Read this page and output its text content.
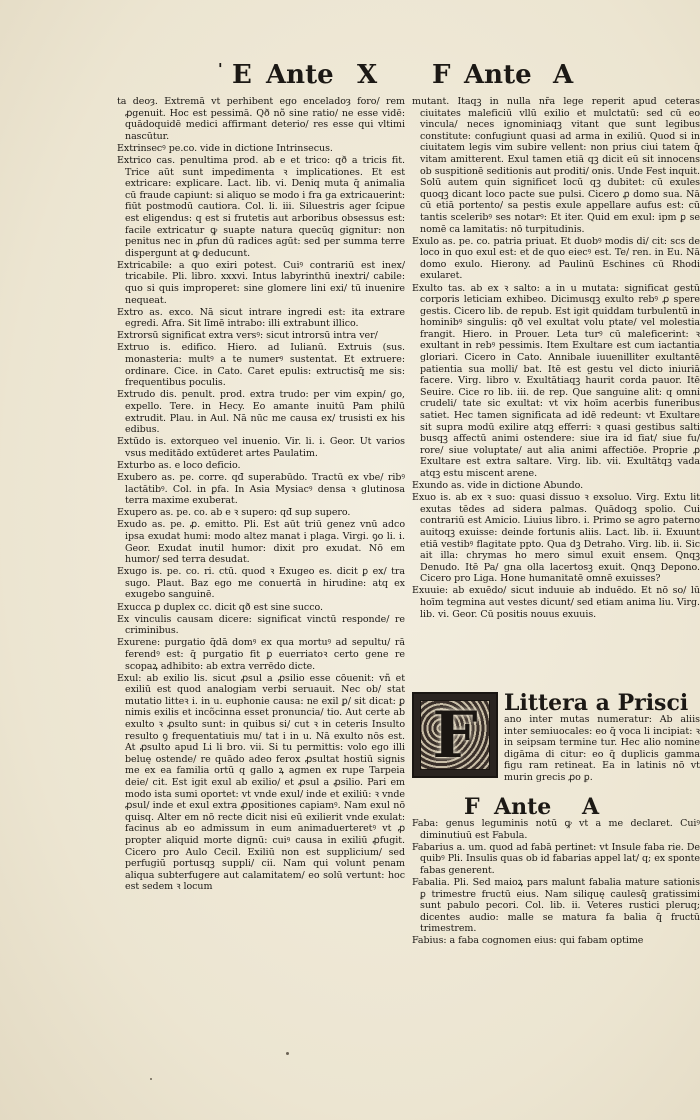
' E Ante X F Ante A

ta deoȝ. Extremā vt perhibent ego enceladoȝ foro/ rem ꝓgenuit. Hoc est pessimā. Qð nõ sine ratio/ ne esse vidē: quādoquidē medici affirmant deterio/ res esse qui vltimi nascūtur.

Extrinsecꝰ pe.co. vide in dictione Intrinsecus.

Extrico cas. penultima prod. ab e et trico: qð a tricis fit. Trice aūt sunt impedimenta ꝛ implicationes. Et est extricare: explicare. Lact. lib. vi. Deniq muta q̄ animalia cū fraude capiunt: si aliquo se modo i fra ga extricauerint: fiūt postmodū cautiora. Col. li. iii. Siluestris ager ſcipue est eligendus: q est si frutetis aut arboribus obsessus est: facile extricatur ꝙ suapte natura quecūq gignitur: non penitus nec in ꝓfun dū radices agūt: sed per summa terre dispergunt at ꝙ deducunt.

Extricabile: a quo exiri potest. Cuiꝰ contrariū est inex/ tricabile. Pli. libro. xxxvi. Intus labyrinthū inextri/ cabile: quo si quis improperet: sine glomere lini exi/ tū inuenire nequeat.

Extro as. exco. Nā sicut intrare ingredi est: ita extrare egredi. Afra. Sit līmē intrabo: illi extrabunt illico.

Extrorsū significat extra versꝰ: sicut introrsū intra ver/

Extruo is. edifico. Hiero. ad Iulianū. Extruis (sus. monasteria: multꝰ a te numerꝰ sustentat. Et extruere: ordinare. Cice. in Cato. Caret epulis: extructisq̄ me sis: frequentibus poculis.

Extrudo dis. penult. prod. extra trudo: per vim expin/ go, expello. Tere. in Hecy. Eo amante inuitū Pam philū extrudit. Plau. in Aul. Nā nūc me causa ex/ trusisti ex his edibus.

Extūdo is. extorqueo vel inuenio. Vir. li. i. Geor. Ut varios vsus meditādo extūderet artes Paulatim.

Exturbo as. e loco deficio.

Exubero as. pe. corre. qđ superabūdo. Tractū ex vbe/ ribꝰ lactātibꝰ. Col. in ꝑfa. In Asia Mysiacꝰ densa ꝛ glutinosa terra maxime exuberat.

Exupero as. pe. co. ab e ꝛ supero: qđ sup supero.

Exudo as. pe. ꝓ. emitto. Pli. Est aūt triū genez vnū adco ipsa exudat humi: modo altez manat i plaga. Virgi. ꝯo li. i. Geor. Exudat inutil humor: dixit pro exudat. Nō em humor/ sed terra desudat.

Exugo is. pe. co. ri. ctū. quod ꝛ Exugeo es. dicit ꝑ ex/ tra sugo. Plaut. Baz ego me conuertā in hirudine: atq ex exugebo sanguinē.

Exucca ꝑ duplex cc. dicit qð est sine succo.

Ex vinculis causam dicere: significat vinctū responde/ re criminibus.

Exurene: purgatio q̄dā domꝰ ex qua mortuꝰ ad sepultu/ rā ferendꝰ est: q̄ purgatio fit ꝑ euerriatoꝛ certo gene re scopaꝝ adhibito: ab extra verrēdo dicte.

Exul: ab exilio lis. sicut ꝓsul a ꝓsilio esse cōuenit: vñ et exiliū est quod analogiam verbi seruauit. Nec ob/ stat mutatio litteꝛ i. in u. euphonie causa: ne exil ꝑ/ sit dicat: ꝑ nimis exilis et incõcinna esset pronuncia/ tio. Aut certe ab exulto ꝛ ꝓsulto sunt: in quibus si/ cut ꝛ in ceteris Insulto resulto ꝯ frequentatiuis mu/ tat i in u. Nā exulto nōs est. At ꝓsulto apud Li li bro. vii. Si tu permittis: volo ego illi beluę ostende/ re quādo adeo ferox ꝓsultat hostiū signis me ex ea familia ortū q gallo ꝝ agmen ex rupe Tarpeia deie/ cit. Est igit exul ab exilio/ et ꝓsul a ꝓsilio. Pari em modo ista sumi oportet: vt vnde exul/ inde et exiliū: ꝛ vnde ꝓsul/ inde et exul extra ꝓpositiones capiamꝰ. Nam exul nō quisq. Alter em nō recte dicit nisi eū exilierit vnde exulat: facinus ab eo admissum in eum animaduerteretꝰ vt ꝓ propter aliquid morte dignū: cuiꝰ causa in exiliū ꝓfugit. Cicero pro Aulo Cecil. Exiliū non est supplicium/ sed perfugiū portusqꝫ suppli/ cii. Nam qui volunt penam aliqua subterfugere aut calamitatem/ eo solū vertunt: hoc est sedem ꝛ locum

mutant. Itaqꝫ in nulla nr̄a lege reperit apud ceteras ciuitates maleficiū vllū exilio et mulctatū: sed cū eo vincula/ neces ignominiaqꝫ vitant que sunt legibus constitute: confugiunt quasi ad arma in exiliū. Quod si in ciuitatem legis vim subire vellent: non prius ciui tatem q̄ vitam amitterent. Exul tamen etiā qꝫ dicit eū sit innocens ob suspitionē seditionis aut proditi/ onis. Unde Fest inquit. Solū autem quin significet locū qꝫ dubitet: cū exules quoqꝫ dicant loco pacte sue pulsi. Cicero ꝓ domo sua. Nā cū etiā portento/ sa pestis exule appellare aufus est: cū tantis sceleribꝰ ses notarꝰ: Et iter. Quid em exul: ipm ꝑ se nomē ca lamitatis: nō turpitudinis.

Exulo as. pe. co. patria priuat. Et duobꝰ modis di/ cit: scs de loco in quo exul est: et de quo eiecꝰ est. Te/ ren. in Eu. Nā domo exulo. Hierony. ad Paulinū Eschines cū Rhodi exularet.

Exulto tas. ab ex ꝛ salto: a in u mutata: significat gestū corporis leticiam exhibeo. Dicimusqꝫ exulto rebꝰ ꝓ spere gestis. Cicero lib. de repub. Est igit quiddam turbulentū in hominibꝰ singulis: qð vel exultat volu ptate/ vel molestia frangit. Hiero. in Prouer. Leta turꝰ cū maleficerint: ꝛ exultant in rebꝰ pessimis. Item Exultare est cum iactantia gloriari. Cicero in Cato. Annibale iuuenilliter exultantē patientia sua molli/ bat. Itē est gestu vel dicto iniuriā facere. Virg. libro v. Exultātiaqꝫ haurit corda pauor. Itē Seuire. Cice ro lib. iii. de rep. Que sanguine alit: q omni crudeli/ tate sic exultat: vt vix hoīm acerbis funeribus satiet. Hec tamen significata ad idē redeunt: vt Exultare sit supra modū exilire atqꝫ efferri: ꝛ quasi gestibus salti busqꝫ affectū animi ostendere: siue ira id fiat/ siue fu/ rore/ siue voluptate/ aut alia animi affectiōe. Proprie ꝓ Exultare est extra saltare. Virg. lib. vii. Exultātqꝫ vada atqꝫ estu miscent arene.

Exundo as. vide in dictione Abundo.

Exuo is. ab ex ꝛ suo: quasi dissuo ꝛ exsoluo. Virg. Extu lit exutas tēdes ad sidera palmas. Quādoqꝫ spolio. Cui contrariū est Amicio. Liuius libro. i. Primo se agro paterno auitoqꝫ exuisse: deinde fortunis aliis. Lact. lib. ii. Exuunt etiā vestibꝰ flagitate ppto. Qua dꝫ Detraho. Virg. lib. ii. Sic ait illa: chrymas ho mero simul exuit ensem. Qnqꝫ Denudo. Itē Pa/ gna olla lacertosꝫ exuit. Qnqꝫ Depono. Cicero pro Liga. Hone humanitatē omnē exuisses?

Exuuie: ab exuēdo/ sicut induuie ab induēdo. Et nō so/ lū hoīm tegmina aut vestes dicunt/ sed etiam anima liu. Virg. lib. vi. Geor. Cū positis nouus exuuis.

F	Littera a Prisci
ano inter mutas numeratur: Ab aliis inter semiuocales: eo q̄ voca li incipiat: ꝛ in seipsam termine tur. Hec alio nomine digāma di citur: eo q̄ duplicis gamma figu ram retineat. Ea in latinis nō vt murin grecis ꝓo ꝑ.
F Ante A

Faba: genus leguminis notū ꝙ vt a me declaret. Cuiꝰ diminutiuū est Fabula.

Fabarius a. um. quod ad fabā pertinet: vt Insule faba rie. De quibꝰ Pli. Insulis quas ob id fabarias appel lat/ q; ex sponte fabas generent.

Fabalia. Pli. Sed maioꝝ pars malunt fabalia mature sationis ꝑ trimestre fructū eius. Nam siliquę caulesq̄ gratissimi sunt pabulo pecori. Col. lib. ii. Veteres rustici pleruq; dicentes audio: malle se matura fa balia q̄ fructū trimestrem.

Fabius: a faba cognomen eius: qui fabam optime
